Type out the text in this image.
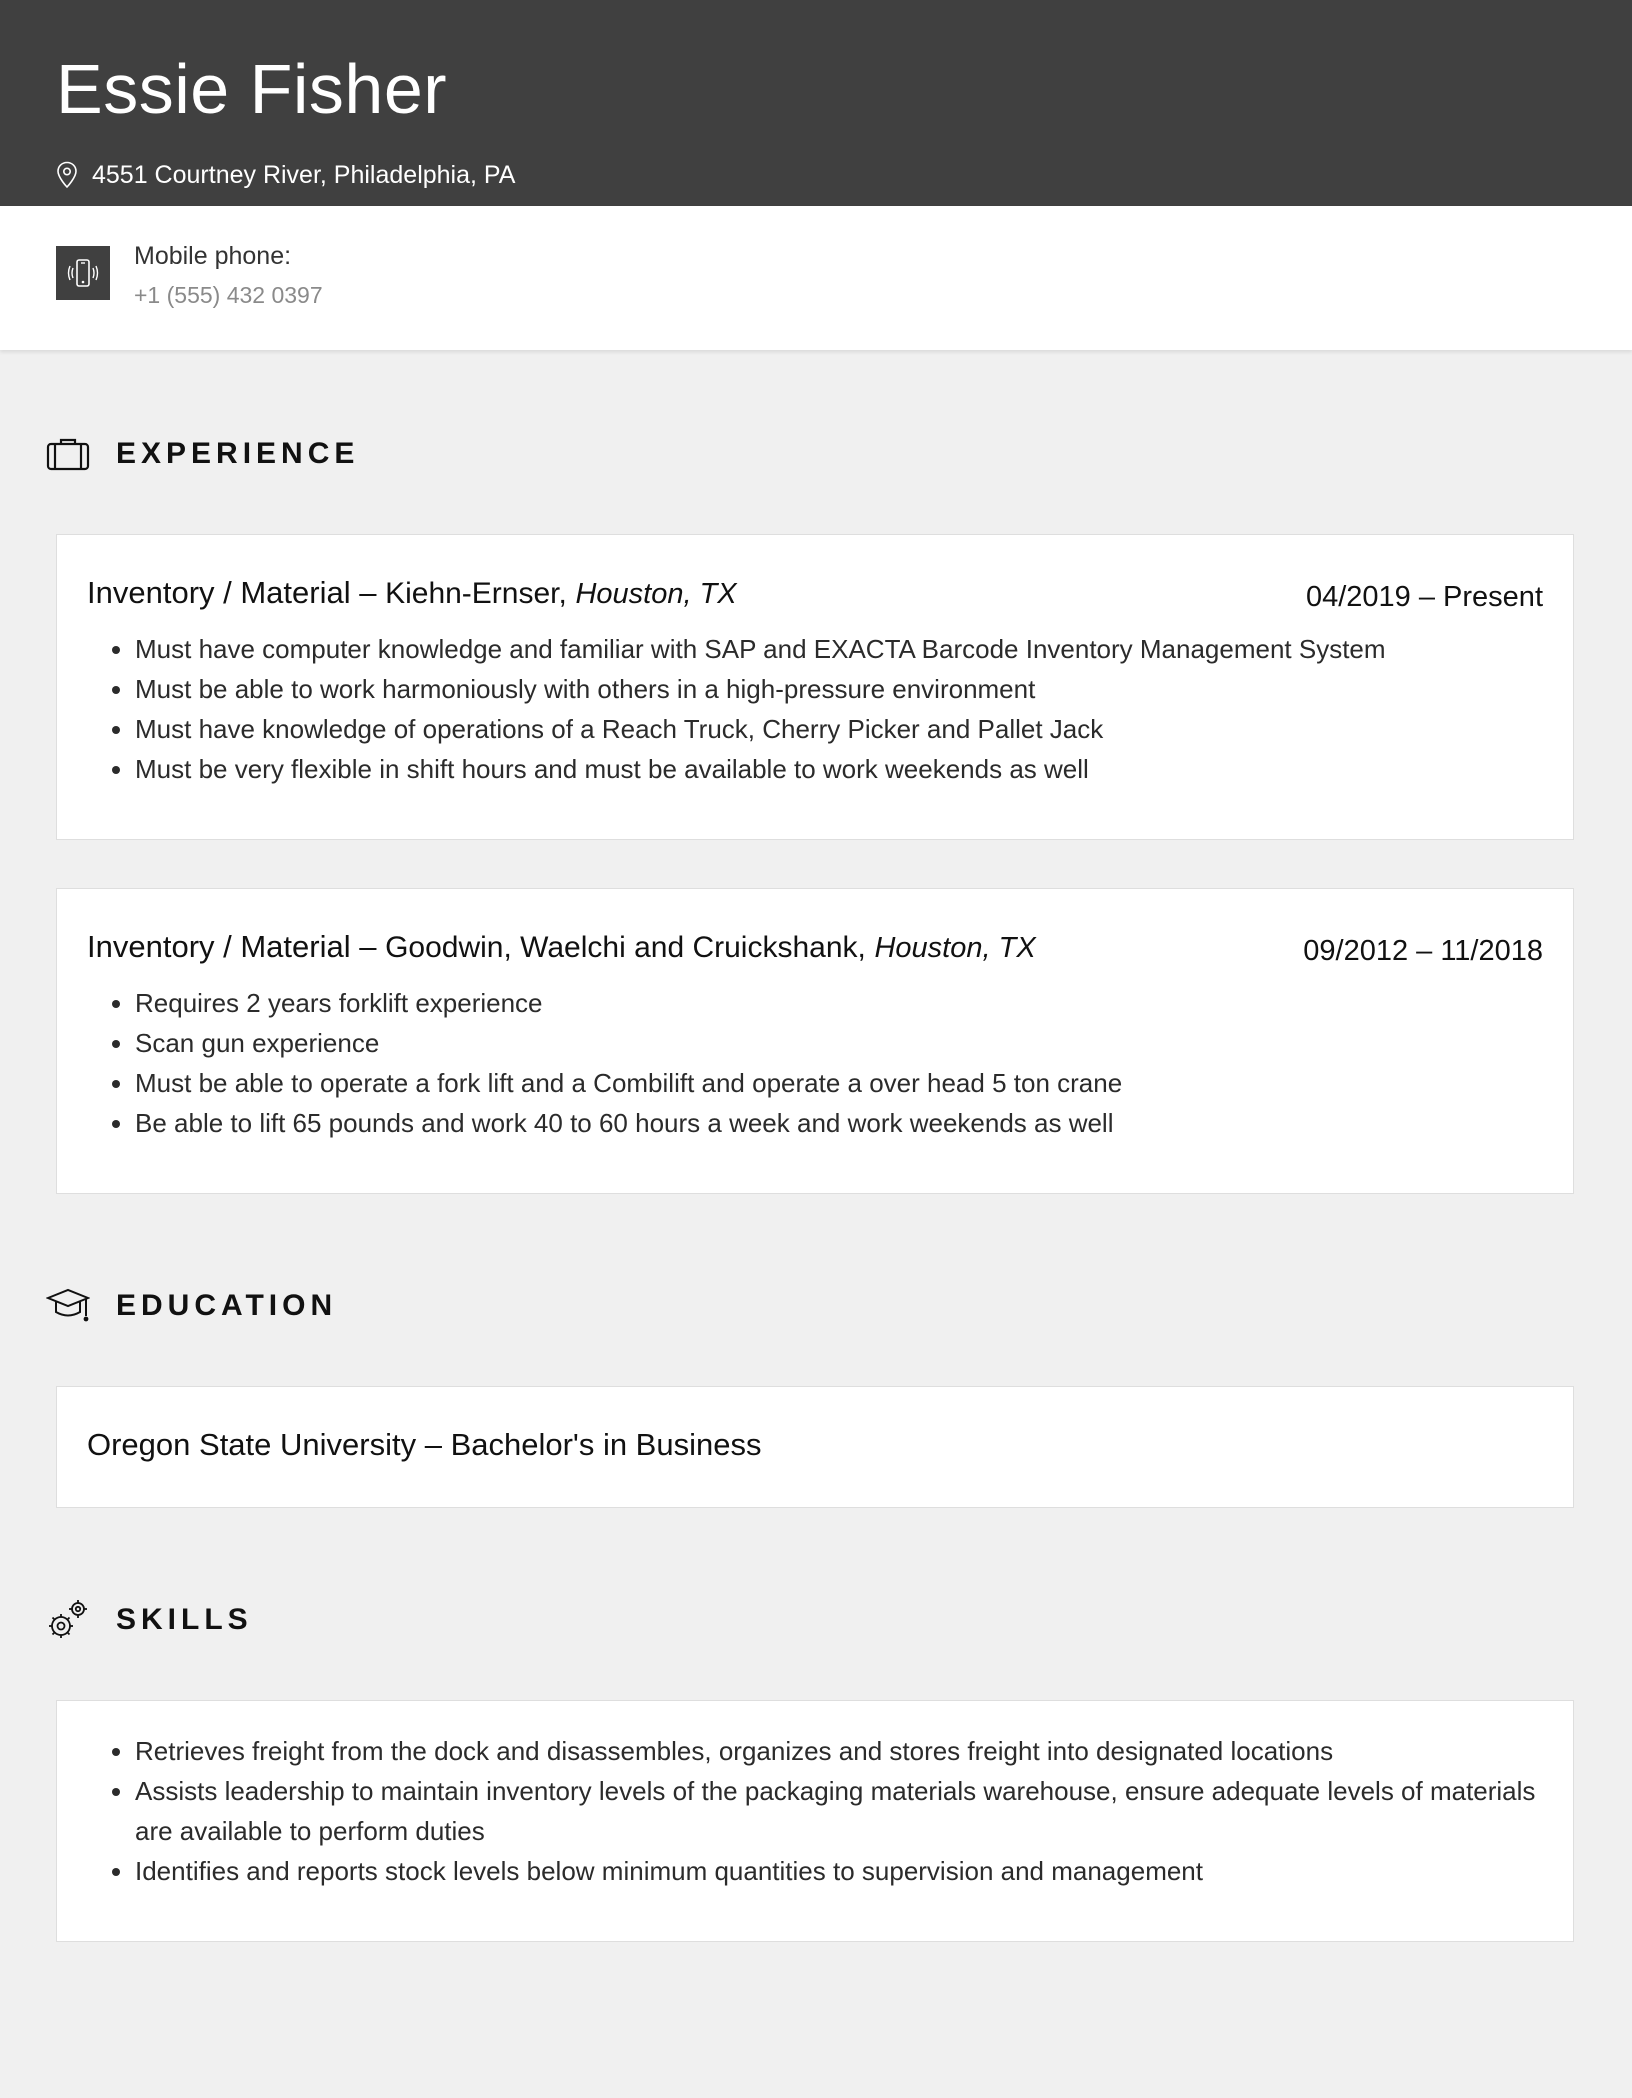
Essie Fisher
4551 Courtney River, Philadelphia, PA
Mobile phone:
+1 (555) 432 0397
EXPERIENCE
Inventory / Material – Kiehn-Ernser, Houston, TX	04/2019 – Present
• Must have computer knowledge and familiar with SAP and EXACTA Barcode Inventory Management System
• Must be able to work harmoniously with others in a high-pressure environment
• Must have knowledge of operations of a Reach Truck, Cherry Picker and Pallet Jack
• Must be very flexible in shift hours and must be available to work weekends as well
Inventory / Material – Goodwin, Waelchi and Cruickshank, Houston, TX	09/2012 – 11/2018
• Requires 2 years forklift experience
• Scan gun experience
• Must be able to operate a fork lift and a Combilift and operate a over head 5 ton crane
• Be able to lift 65 pounds and work 40 to 60 hours a week and work weekends as well
EDUCATION
Oregon State University – Bachelor's in Business
SKILLS
• Retrieves freight from the dock and disassembles, organizes and stores freight into designated locations
• Assists leadership to maintain inventory levels of the packaging materials warehouse, ensure adequate levels of materials are available to perform duties
• Identifies and reports stock levels below minimum quantities to supervision and management
